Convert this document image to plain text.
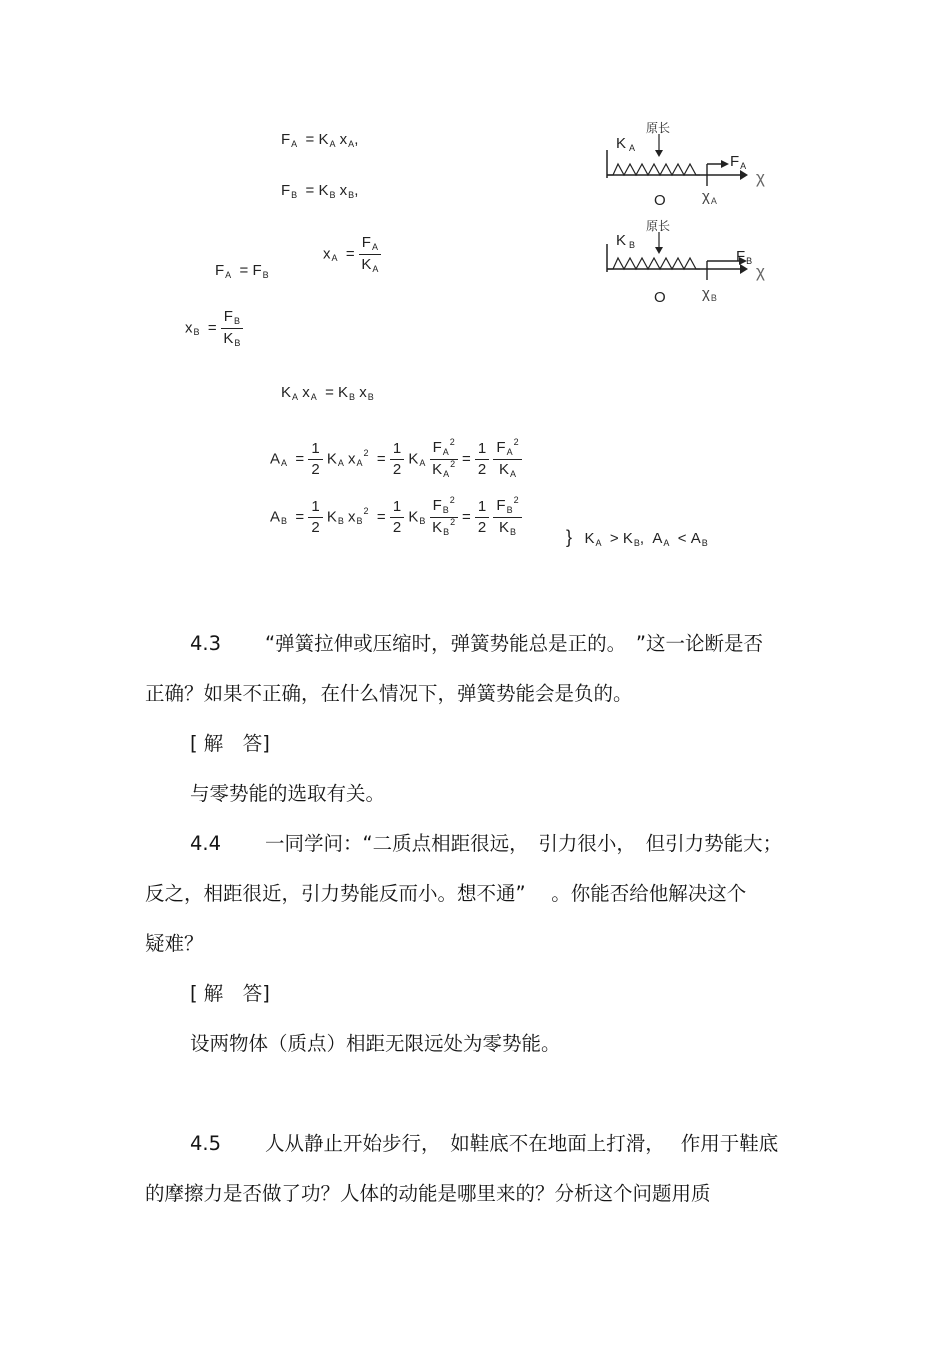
$F_A = K_A$ $x_A$,
$F_B = K_B$ $x_B$,
$x_A = \frac{F_A}{K_A}$
$F_A = F_B$
$x_B = \frac{F_B}{K_B}$
$K_A$ $x_A = K_B$ $x_B$
$A_A = \frac{1}{2} K_A$ $x_A^2 = \frac{1}{2} K_A \frac{F_A^2}{K_A^2} = \frac{1}{2}$
$\frac{F_A^2}{K_A}$
$A_B = \frac{1}{2} K_B$ $x_B^2 = \frac{1}{2} K_B \frac{F_B^2}{K_B^2} = \frac{1}{2}$
$\frac{F_B^2}{K_B}$ } $K_A > K_B$, $A_A < A_B$
K $_A$
原长
$F_A$
χ
O $\chi_A$
K $_B$
原长
$F_B$
χ
O $\chi_B$
4.3 “弹簧拉伸或压缩时，弹簧势能总是正的。　”这一论断是否
正确？如果不正确，在什么情况下，弹簧势能会是负的。
[ 解　答]
与零势能的选取有关。
4.4 一同学问：“二质点相距很远，　引力很小，　但引力势能大；
反之，相距很近，引力势能反而小。想不通”　 。你能否给他解决这个
疑难？
[ 解　答]
设两物体（质点）相距无限远处为零势能。
4.5 人从静止开始步行，　如鞋底不在地面上打滑，　 作用于鞋底
的摩擦力是否做了功？人体的动能是哪里来的？分析这个问题用质
